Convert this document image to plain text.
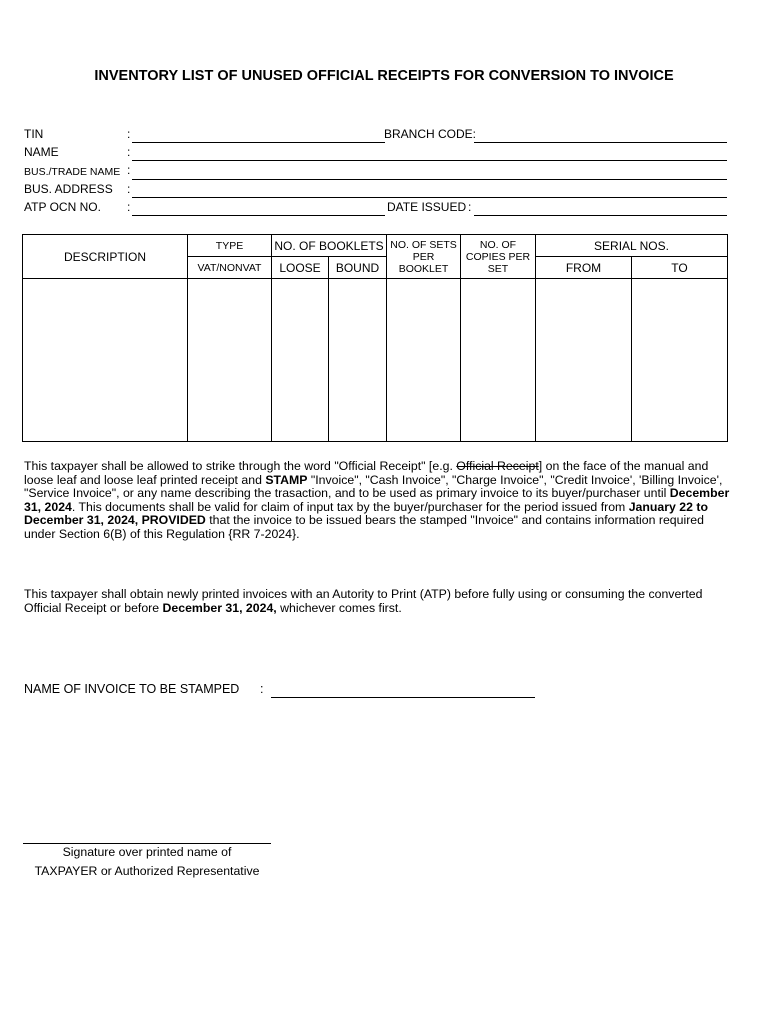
INVENTORY LIST OF UNUSED OFFICIAL RECEIPTS FOR CONVERSION TO INVOICE
TIN	:	BRANCH CODE:
NAME	:
BUS./TRADE NAME :
BUS. ADDRESS :
ATP OCN NO. :	DATE ISSUED :
DESCRIPTION	TYPE	NO. OF BOOKLETS		NO. OF SETS PER BOOKLET	NO. OF COPIES PER SET	SERIAL NOS.	
	VAT/NONVAT	LOOSE	BOUND			FROM	TO

This taxpayer shall be allowed to strike through the word "Official Receipt" [e.g. Official Receipt] on the face of the manual and loose leaf and loose leaf printed receipt and STAMP "Invoice", "Cash Invoice", "Charge Invoice", "Credit Invoice', 'Billing Invoice', "Service Invoice", or any name describing the trasaction, and to be used as primary invoice to its buyer/purchaser until December 31, 2024. This documents shall be valid for claim of input tax by the buyer/purchaser for the period issued from January 22 to December 31, 2024, PROVIDED that the invoice to be issued bears the stamped "Invoice" and contains information required under Section 6(B) of this Regulation {RR 7-2024}.
This taxpayer shall obtain newly printed invoices with an Autority to Print (ATP) before fully using or consuming the converted Official Receipt or before December 31, 2024, whichever comes first.
NAME OF INVOICE TO BE STAMPED :
Signature over printed name of
TAXPAYER or Authorized Representative
